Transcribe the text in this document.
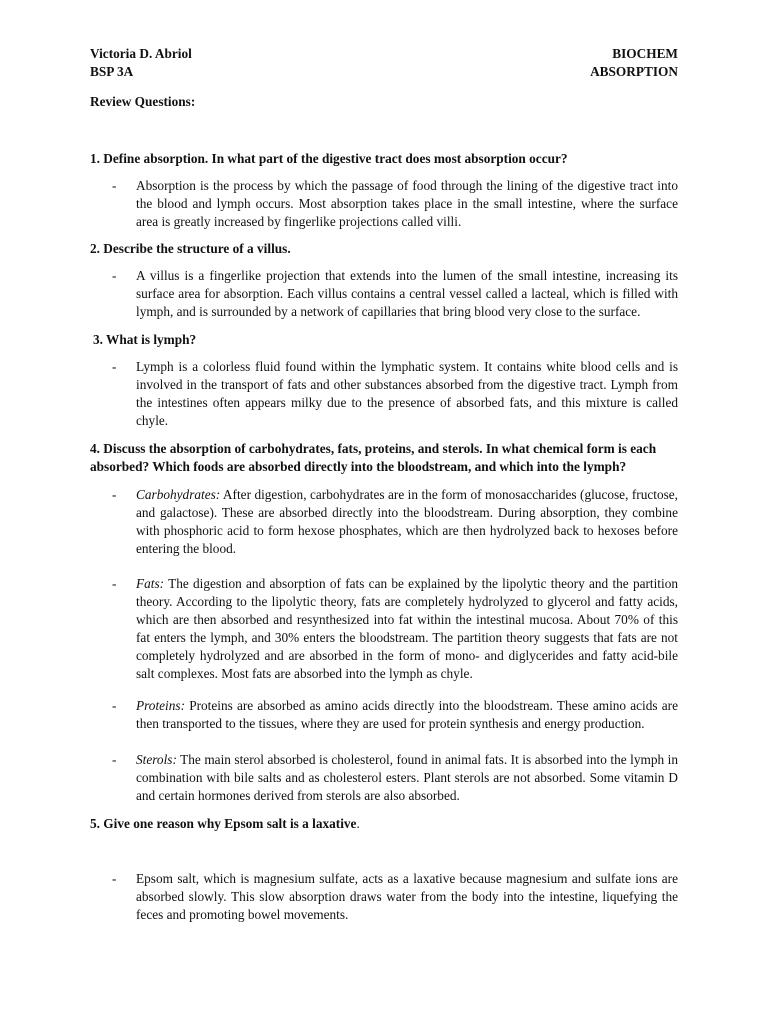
Victoria D. Abriol
BSP 3A
BIOCHEM
ABSORPTION
Review Questions:
1. Define absorption. In what part of the digestive tract does most absorption occur?
- Absorption is the process by which the passage of food through the lining of the digestive tract into the blood and lymph occurs. Most absorption takes place in the small intestine, where the surface area is greatly increased by fingerlike projections called villi.
2. Describe the structure of a villus.
- A villus is a fingerlike projection that extends into the lumen of the small intestine, increasing its surface area for absorption. Each villus contains a central vessel called a lacteal, which is filled with lymph, and is surrounded by a network of capillaries that bring blood very close to the surface.
3. What is lymph?
- Lymph is a colorless fluid found within the lymphatic system. It contains white blood cells and is involved in the transport of fats and other substances absorbed from the digestive tract. Lymph from the intestines often appears milky due to the presence of absorbed fats, and this mixture is called chyle.
4. Discuss the absorption of carbohydrates, fats, proteins, and sterols. In what chemical form is each absorbed? Which foods are absorbed directly into the bloodstream, and which into the lymph?
- Carbohydrates: After digestion, carbohydrates are in the form of monosaccharides (glucose, fructose, and galactose). These are absorbed directly into the bloodstream. During absorption, they combine with phosphoric acid to form hexose phosphates, which are then hydrolyzed back to hexoses before entering the blood.
- Fats: The digestion and absorption of fats can be explained by the lipolytic theory and the partition theory. According to the lipolytic theory, fats are completely hydrolyzed to glycerol and fatty acids, which are then absorbed and resynthesized into fat within the intestinal mucosa. About 70% of this fat enters the lymph, and 30% enters the bloodstream. The partition theory suggests that fats are not completely hydrolyzed and are absorbed in the form of mono- and diglycerides and fatty acid-bile salt complexes. Most fats are absorbed into the lymph as chyle.
- Proteins: Proteins are absorbed as amino acids directly into the bloodstream. These amino acids are then transported to the tissues, where they are used for protein synthesis and energy production.
- Sterols: The main sterol absorbed is cholesterol, found in animal fats. It is absorbed into the lymph in combination with bile salts and as cholesterol esters. Plant sterols are not absorbed. Some vitamin D and certain hormones derived from sterols are also absorbed.
5. Give one reason why Epsom salt is a laxative.
- Epsom salt, which is magnesium sulfate, acts as a laxative because magnesium and sulfate ions are absorbed slowly. This slow absorption draws water from the body into the intestine, liquefying the feces and promoting bowel movements.
